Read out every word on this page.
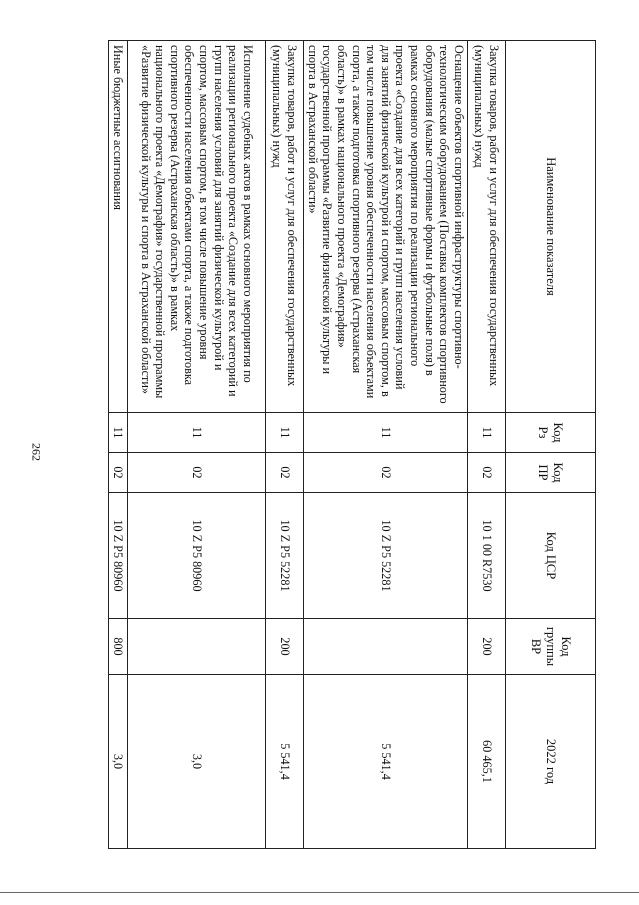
262
Наименование показателя	Код Рз	Код ПР	Код ЦСР	Код группы ВР	2022 год
Закупка товаров, работ и услуг для обеспечения государственных (муниципальных) нужд	11	02	10 1 00 R7530	200	60 465,1
Оснащение объектов спортивной инфраструктуры спортивно-технологическим оборудованием (Поставка комплектов спортивного оборудования (малые спортивные формы и футбольные поля) в рамках основного мероприятия по реализации регионального проекта «Создание для всех категорий и групп населения условий для занятий физической культурой и спортом, массовым спортом, в том числе повышение уровня обеспеченности населения объектами спорта, а также подготовка спортивного резерва (Астраханская область)» в рамках национального проекта «Демография» государственной программы «Развитие физической культуры и спорта в Астраханской области»	11	02	10 Z P5 52281		5 541,4
Закупка товаров, работ и услуг для обеспечения государственных (муниципальных) нужд	11	02	10 Z P5 52281	200	5 541,4
Исполнение судебных актов в рамках основного мероприятия по реализации регионального проекта «Создание для всех категорий и групп населения условий для занятий физической культурой и спортом, массовым спортом, в том числе повышение уровня обеспеченности населения объектами спорта, а также подготовка спортивного резерва (Астраханская область)» в рамках национального проекта «Демография» государственной программы «Развитие физической культуры и спорта в Астраханской области»	11	02	10 Z P5 80960		3,0
Иные бюджетные ассигнования	11	02	10 Z P5 80960	800	3,0
